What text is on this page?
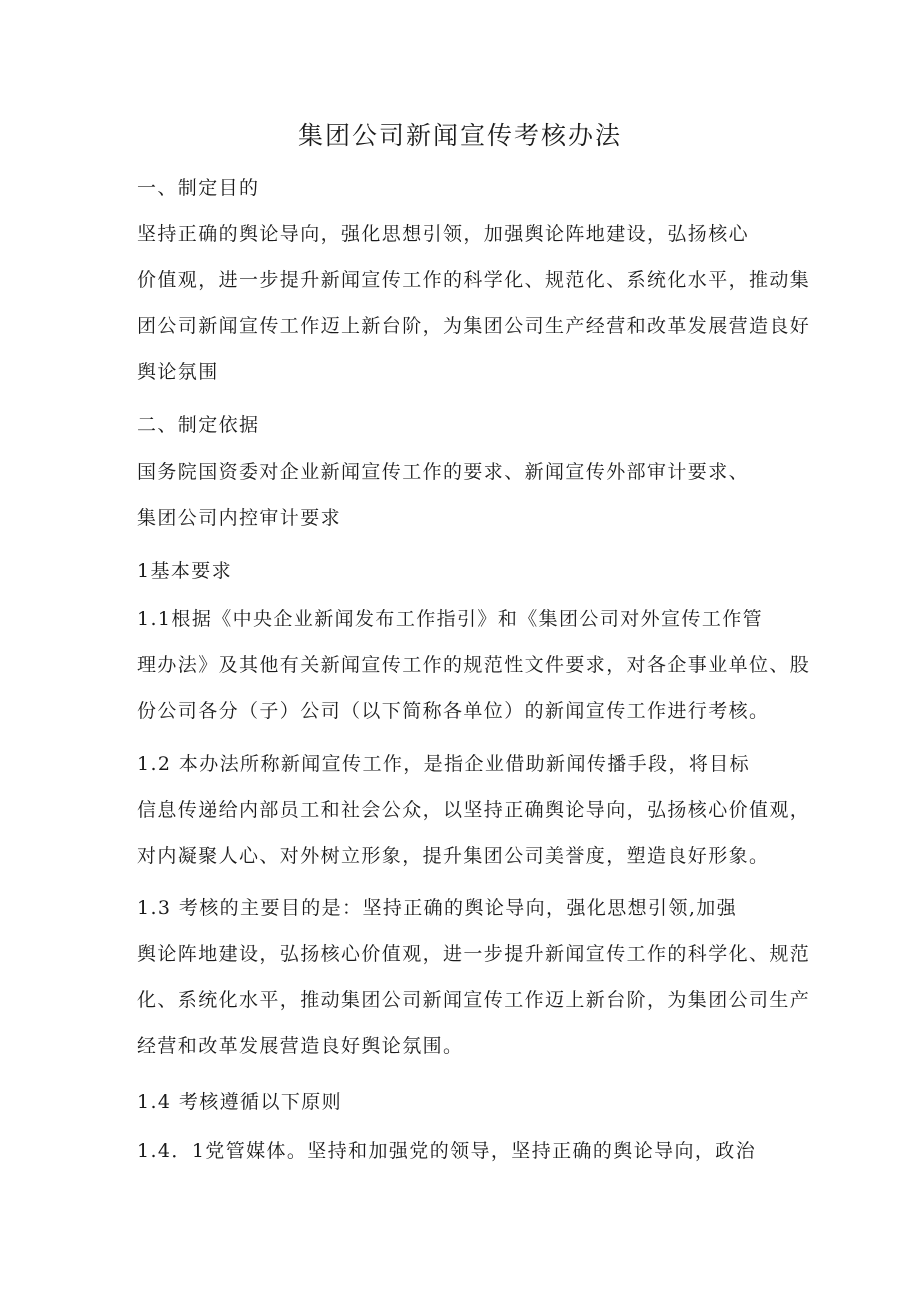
集团公司新闻宣传考核办法
一、制定目的
坚持正确的舆论导向，强化思想引领，加强舆论阵地建设，弘扬核心
价值观，进一步提升新闻宣传工作的科学化、规范化、系统化水平，推动集
团公司新闻宣传工作迈上新台阶，为集团公司生产经营和改革发展营造良好
舆论氛围
二、制定依据
国务院国资委对企业新闻宣传工作的要求、新闻宣传外部审计要求、
集团公司内控审计要求
1基本要求
1.1根据《中央企业新闻发布工作指引》和《集团公司对外宣传工作管
理办法》及其他有关新闻宣传工作的规范性文件要求，对各企事业单位、股
份公司各分（子）公司（以下简称各单位）的新闻宣传工作进行考核。
1.2 本办法所称新闻宣传工作，是指企业借助新闻传播手段，将目标
信息传递给内部员工和社会公众，以坚持正确舆论导向，弘扬核心价值观，
对内凝聚人心、对外树立形象，提升集团公司美誉度，塑造良好形象。
1.3 考核的主要目的是：坚持正确的舆论导向，强化思想引领,加强
舆论阵地建设，弘扬核心价值观，进一步提升新闻宣传工作的科学化、规范
化、系统化水平，推动集团公司新闻宣传工作迈上新台阶，为集团公司生产
经营和改革发展营造良好舆论氛围。
1.4 考核遵循以下原则
1.4．1党管媒体。坚持和加强党的领导，坚持正确的舆论导向，政治
